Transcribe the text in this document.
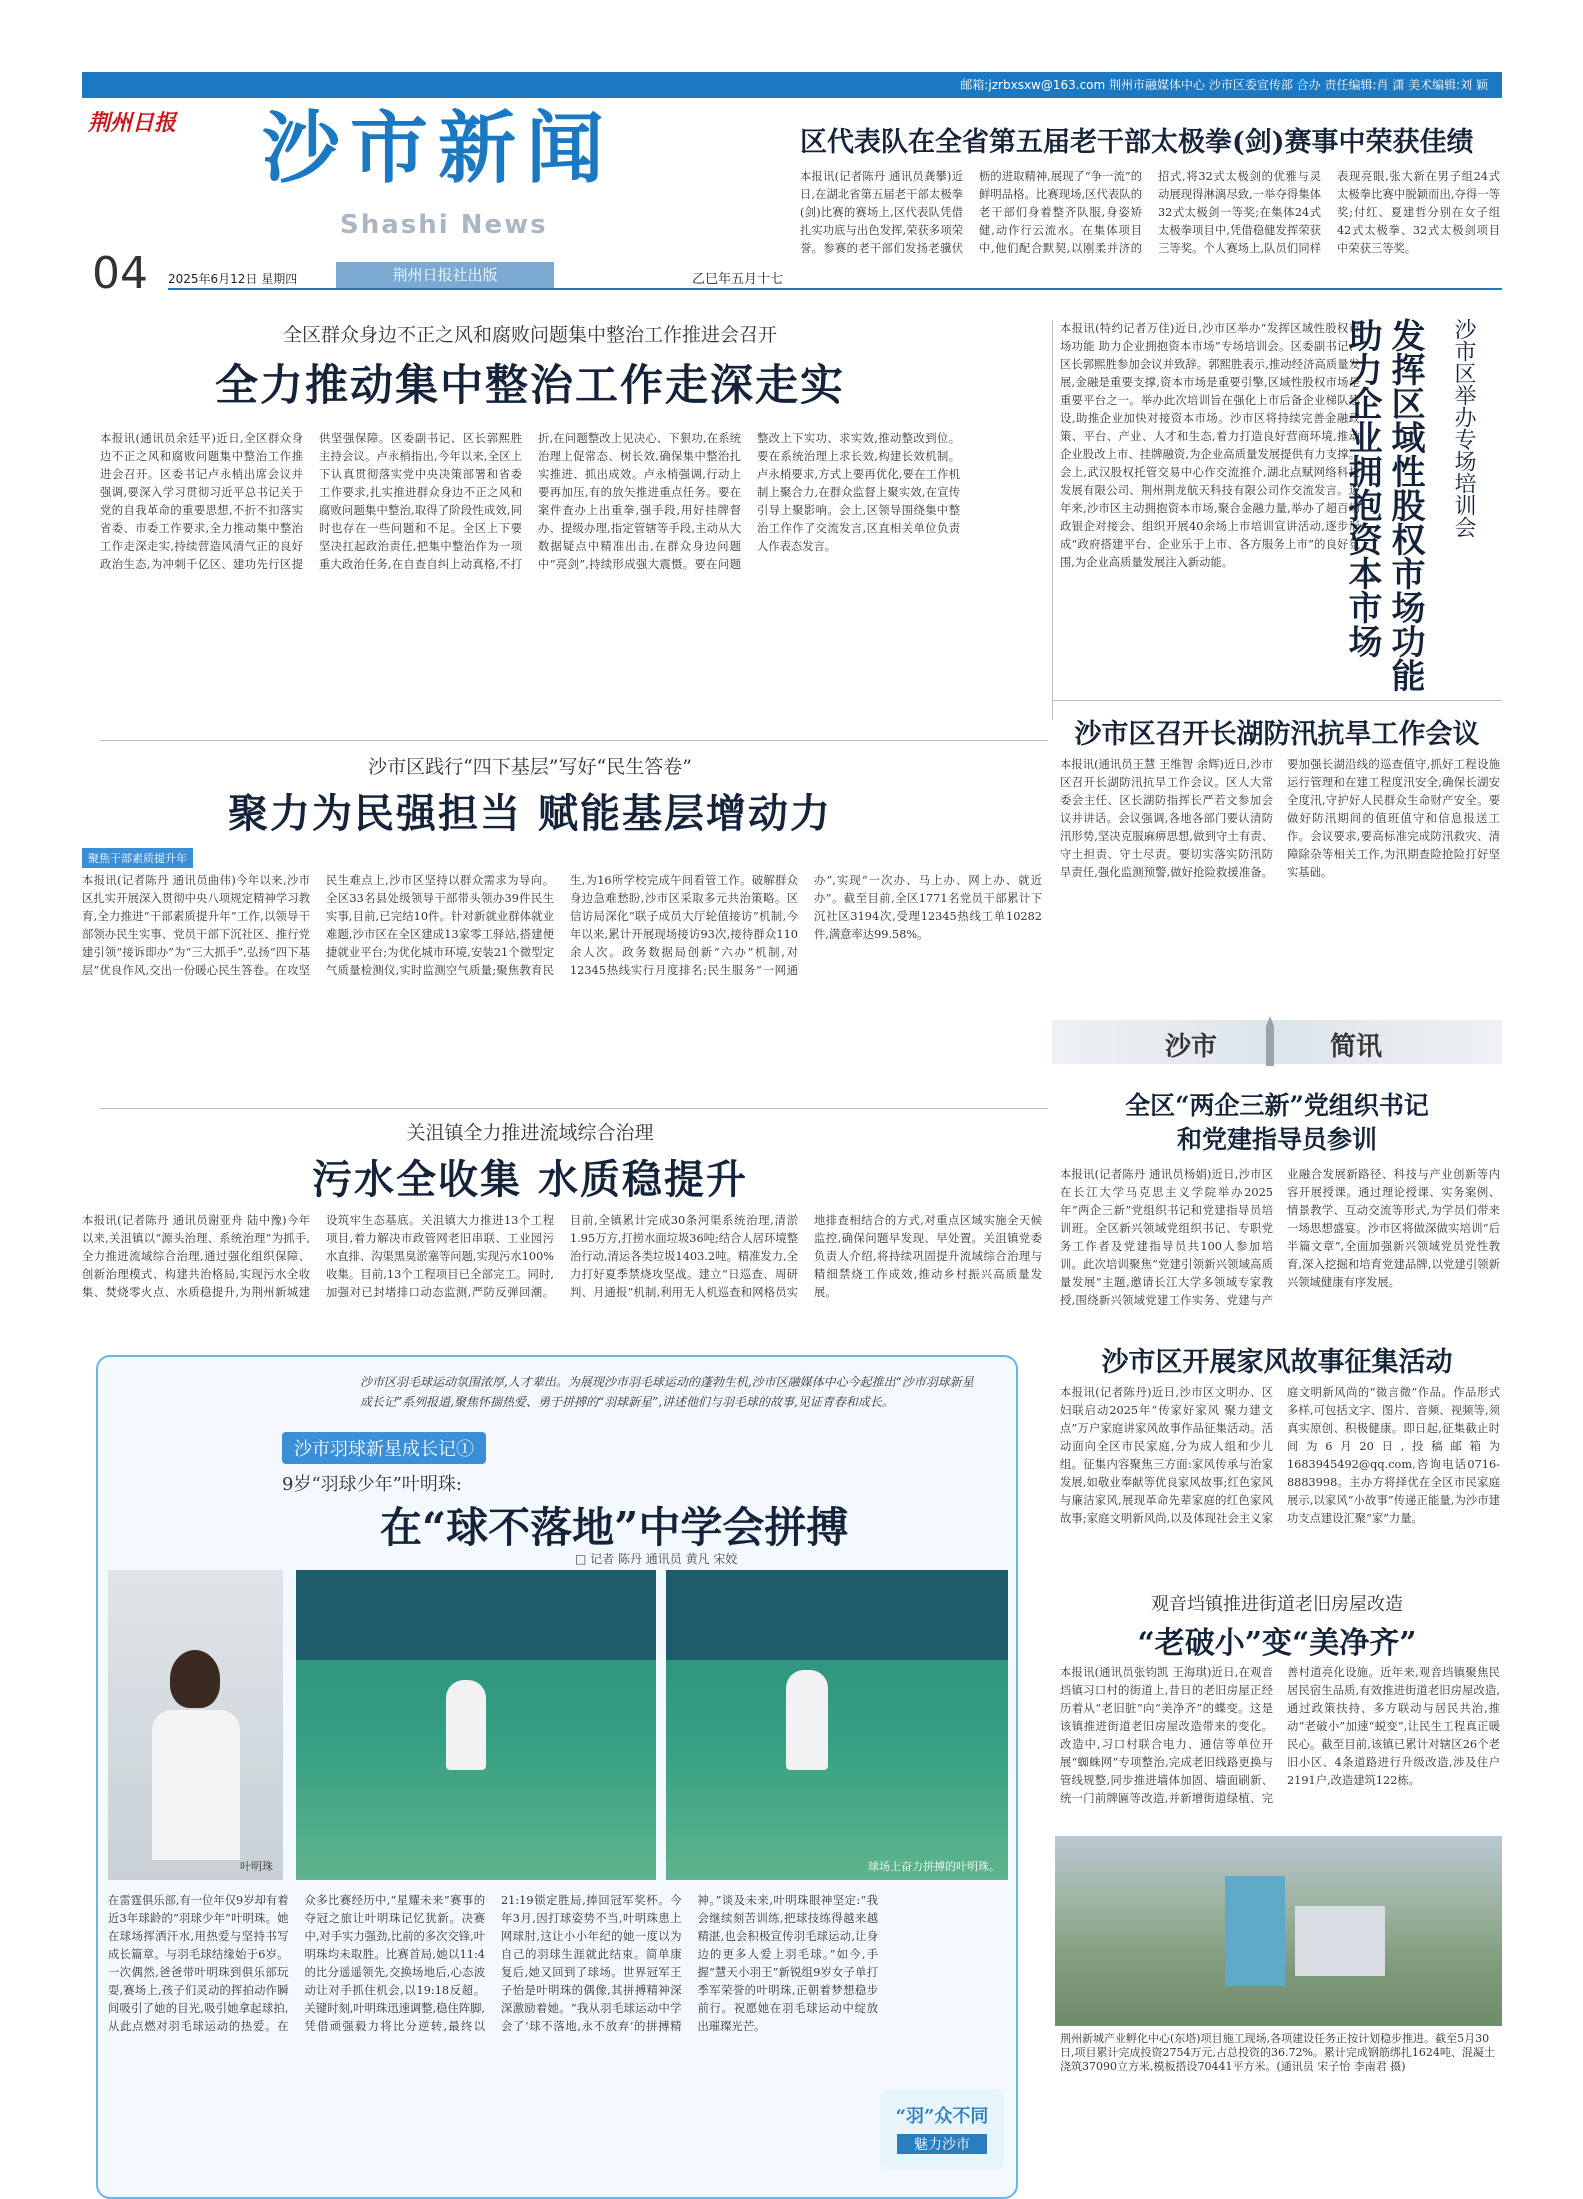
邮箱:jzrbxsxw@163.com 荆州市融媒体中心 沙市区委宣传部 合办 责任编辑:肖 潇 美术编辑:刘 颖
荆州日报 沙市新闻
Shashi News
04 2025年6月12日 星期四	荆州日报社出版	乙巳年五月十七
区代表队在全省第五届老干部太极拳(剑)赛事中荣获佳绩
本报讯(记者陈丹 通讯员龚攀)近日,在湖北省第五届老干部太极拳(剑)比赛的赛场上,区代表队凭借扎实功底与出色发挥,荣获多项荣誉。参赛的老干部们发扬老骥伏枥的进取精神,展现了“争一流”的鲜明品格。比赛现场,区代表队的老干部们身着整齐队服,身姿矫健,动作行云流水。在集体项目中,他们配合默契,以刚柔并济的招式,将32式太极剑的优雅与灵动展现得淋漓尽致,一举夺得集体32式太极剑一等奖;在集体24式太极拳项目中,凭借稳健发挥荣获三等奖。个人赛场上,队员们同样表现亮眼,张大新在男子组24式太极拳比赛中脱颖而出,夺得一等奖;付红、夏建哲分别在女子组42式太极拳、32式太极剑项目中荣获三等奖。
全区群众身边不正之风和腐败问题集中整治工作推进会召开
全力推动集中整治工作走深走实
本报讯(通讯员余廷平)近日,全区群众身边不正之风和腐败问题集中整治工作推进会召开。区委书记卢永梢出席会议并强调,要深入学习贯彻习近平总书记关于党的自我革命的重要思想,不折不扣落实省委、市委工作要求,全力推动集中整治工作走深走实,持续营造风清气正的良好政治生态,为冲刺千亿区、建功先行区提供坚强保障。区委副书记、区长郭熙胜主持会议。卢永梢指出,今年以来,全区上下认真贯彻落实党中央决策部署和省委工作要求,扎实推进群众身边不正之风和腐败问题集中整治,取得了阶段性成效,同时也存在一些问题和不足。全区上下要坚决扛起政治责任,把集中整治作为一项重大政治任务,在自查自纠上动真格,不打折,在问题整改上见决心、下狠功,在系统治理上促常态、树长效,确保集中整治扎实推进、抓出成效。卢永梢强调,行动上要再加压,有的放矢推进重点任务。要在案件查办上出重拳,强手段,用好挂牌督办、提级办理,指定管辖等手段,主动从大数据疑点中精准出击,在群众身边问题中“亮剑”,持续形成强大震慑。要在问题整改上下实功、求实效,推动整改到位。要在系统治理上求长效,构建长效机制。卢永梢要求,方式上要再优化,要在工作机制上聚合力,在群众监督上聚实效,在宣传引导上聚影响。会上,区领导围绕集中整治工作作了交流发言,区直相关单位负责人作表态发言。
本报讯(特约记者万佳)近日,沙市区举办“发挥区域性股权市场功能 助力企业拥抱资本市场”专场培训会。区委副书记、区长郭熙胜参加会议并致辞。郭熙胜表示,推动经济高质量发展,金融是重要支撑,资本市场是重要引擎,区域性股权市场是重要平台之一。举办此次培训旨在强化上市后备企业梯队建设,助推企业加快对接资本市场。沙市区将持续完善金融政策、平台、产业、人才和生态,着力打造良好营商环境,推动企业股改上市、挂牌融资,为企业高质量发展提供有力支撑。会上,武汉股权托管交易中心作交流推介,湖北点赋网络科技发展有限公司、荆州荆龙航天科技有限公司作交流发言。近年来,沙市区主动拥抱资本市场,聚合金融力量,举办了超百场政银企对接会、组织开展40余场上市培训宣讲活动,逐步形成“政府搭建平台、企业乐于上市、各方服务上市”的良好氛围,为企业高质量发展注入新动能。	发挥区域性股权市场功能
助力企业拥抱资本市场	沙市区举办专场培训会
沙市区践行“四下基层”写好“民生答卷”
聚力为民强担当 赋能基层增动力
聚焦干部素质提升年
本报讯(记者陈丹 通讯员曲伟)今年以来,沙市区扎实开展深入贯彻中央八项规定精神学习教育,全力推进“干部素质提升年”工作,以领导干部领办民生实事、党员干部下沉社区、推行党建引领“接诉即办”为“三大抓手”,弘扬“四下基层”优良作风,交出一份暖心民生答卷。在攻坚民生难点上,沙市区坚持以群众需求为导向。全区33名县处级领导干部带头领办39件民生实事,目前,已完结10件。针对新就业群体就业难题,沙市区在全区建成13家零工驿站,搭建便捷就业平台;为优化城市环境,安装21个微型定气质量检测仪,实时监测空气质量;聚焦教育民生,为16所学校完成午间看管工作。破解群众身边急难愁盼,沙市区采取多元共治策略。区信访局深化“联子成员大厅轮值接访”机制,今年以来,累计开展现场接访93次,接待群众110余人次。政务数据局创新“六办”机制,对12345热线实行月度排名;民生服务“一网通办”,实现“一次办、马上办、网上办、就近办”。截至目前,全区1771名党员干部累计下沉社区3194次,受理12345热线工单10282件,满意率达99.58%。
沙市区召开长湖防汛抗旱工作会议
本报讯(通讯员王慧 王维智 余辉)近日,沙市区召开长湖防汛抗旱工作会议。区人大常委会主任、区长湖防指挥长严若文参加会议并讲话。会议强调,各地各部门要认清防汛形势,坚决克服麻痹思想,做到守土有责、守土担责、守土尽责。要切实落实防汛防旱责任,强化监测预警,做好抢险救援准备。要加强长湖沿线的巡查值守,抓好工程设施运行管理和在建工程度汛安全,确保长湖安全度汛,守护好人民群众生命财产安全。要做好防汛期间的值班值守和信息报送工作。会议要求,要高标准完成防汛救灾、清障除杂等相关工作,为汛期查险抢险打好坚实基础。
沙市	简讯
全区“两企三新”党组织书记
和党建指导员参训
本报讯(记者陈丹 通讯员杨娟)近日,沙市区在长江大学马克思主义学院举办2025年“两企三新”党组织书记和党建指导员培训班。全区新兴领域党组织书记、专职党务工作者及党建指导员共100人参加培训。此次培训聚焦“党建引领新兴领域高质量发展”主题,邀请长江大学多领域专家教授,围绕新兴领域党建工作实务、党建与产业融合发展新路径、科技与产业创新等内容开展授课。通过理论授课、实务案例、情景教学、互动交流等形式,为学员们带来一场思想盛宴。沙市区将做深做实培训“后半篇文章”,全面加强新兴领域党员党性教育,深入挖掘和培育党建品牌,以党建引领新兴领域健康有序发展。
关沮镇全力推进流域综合治理
污水全收集 水质稳提升
本报讯(记者陈丹 通讯员谢亚舟 陆中豫)今年以来,关沮镇以“源头治理、系统治理”为抓手,全力推进流域综合治理,通过强化组织保障、创新治理模式、构建共治格局,实现污水全收集、焚烧零火点、水质稳提升,为荆州新城建设筑牢生态基底。关沮镇大力推进13个工程项目,着力解决市政管网老旧串联、工业园污水直排、沟渠黑臭淤塞等问题,实现污水100%收集。目前,13个工程项目已全部完工。同时,加强对已封堵排口动态监测,严防反弹回潮。目前,全镇累计完成30条河渠系统治理,清淤1.95万方,打捞水面垃圾36吨;结合人居环境整治行动,清运各类垃圾1403.2吨。精准发力,全力打好夏季禁烧攻坚战。建立“日巡查、周研判、月通报”机制,利用无人机巡查和网格员实地排查相结合的方式,对重点区域实施全天候监控,确保问题早发现、早处置。关沮镇党委负责人介绍,将持续巩固提升流域综合治理与精细禁烧工作成效,推动乡村振兴高质量发展。
沙市区开展家风故事征集活动
本报讯(记者陈丹)近日,沙市区文明办、区妇联启动2025年“传家好家风 聚力建文点”万户家庭讲家风故事作品征集活动。活动面向全区市民家庭,分为成人组和少儿组。征集内容聚焦三方面:家风传承与治家发展,如敬业奉献等优良家风故事;红色家风与廉洁家风,展现革命先辈家庭的红色家风故事;家庭文明新风尚,以及体现社会主义家庭文明新风尚的“微言微”作品。作品形式多样,可包括文字、图片、音频、视频等,须真实原创、积极健康。即日起,征集截止时间为6月20日,投稿邮箱为1683945492@qq.com,咨询电话0716-8883998。主办方将择优在全区市民家庭展示,以家风“小故事”传递正能量,为沙市建功支点建设汇聚“家”力量。
观音垱镇推进街道老旧房屋改造
“老破小”变“美净齐”
本报讯(通讯员张钧凯 王海琪)近日,在观音垱镇习口村的街道上,昔日的老旧房屋正经历着从“老旧脏”向“美净齐”的蝶变。这是该镇推进街道老旧房屋改造带来的变化。改造中,习口村联合电力、通信等单位开展“蜘蛛网”专项整治,完成老旧线路更换与管线规整,同步推进墙体加固、墙面刷新、统一门前牌匾等改造,并新增街道绿植、完善村道亮化设施。近年来,观音垱镇聚焦民居民宿生品质,有效推进街道老旧房屋改造,通过政策扶持、多方联动与居民共治,推动“老破小”加速“蜕变”,让民生工程真正暖民心。截至目前,该镇已累计对辖区26个老旧小区、4条道路进行升级改造,涉及住户2191户,改造建筑122栋。
荆州新城产业孵化中心(东塔)项目施工现场,各项建设任务正按计划稳步推进。截至5月30日,项目累计完成投资2754万元,占总投资的36.72%。累计完成钢筋绑扎1624吨、混凝土浇筑37090立方米,模板搭设70441平方米。(通讯员 宋子怡 李南君 摄)
沙市区羽毛球运动氛围浓厚,人才辈出。为展现沙市羽毛球运动的蓬勃生机,沙市区融媒体中心今起推出“沙市羽球新星成长记”系列报道,聚焦怀揣热爱、勇于拼搏的“羽球新星”,讲述他们与羽毛球的故事,见证青春和成长。
沙市羽球新星成长记①
9岁“羽球少年”叶明珠:
在“球不落地”中学会拼搏
□ 记者 陈丹 通讯员 黄凡 宋姣
叶明珠	球场上奋力拼搏的叶明珠。
在雷霆俱乐部,有一位年仅9岁却有着近3年球龄的“羽球少年”叶明珠。她在球场挥洒汗水,用热爱与坚持书写成长篇章。与羽毛球结缘始于6岁。一次偶然,爸爸带叶明珠到俱乐部玩耍,赛场上,孩子们灵动的挥拍动作瞬间吸引了她的目光,吸引她拿起球拍,从此点燃对羽毛球运动的热爱。在众多比赛经历中,“星耀未来”赛事的夺冠之旅让叶明珠记忆犹新。决赛中,对手实力强劲,比前的多次交锋,叶明珠均未取胜。比赛首局,她以11:4的比分遥遥领先,交换场地后,心态波动让对手抓住机会,以19:18反超。关键时刻,叶明珠迅速调整,稳住阵脚,凭借顽强毅力将比分逆转,最终以21:19锁定胜局,捧回冠军奖杯。今年3月,因打球姿势不当,叶明珠患上网球肘,这让小小年纪的她一度以为自己的羽球生涯就此结束。简单康复后,她又回到了球场。世界冠军王子怡是叶明珠的偶像,其拼搏精神深深激励着她。“我从羽毛球运动中学会了‘球不落地,永不放弃’的拼搏精神。”谈及未来,叶明珠眼神坚定:“我会继续刻苦训练,把球技练得越来越精湛,也会积极宣传羽毛球运动,让身边的更多人爱上羽毛球。”如今,手握“慧天小羽王”新锐组9岁女子单打季军荣誉的叶明珠,正朝着梦想稳步前行。祝愿她在羽毛球运动中绽放出璀璨光芒。
“羽”众不同
魅力沙市
